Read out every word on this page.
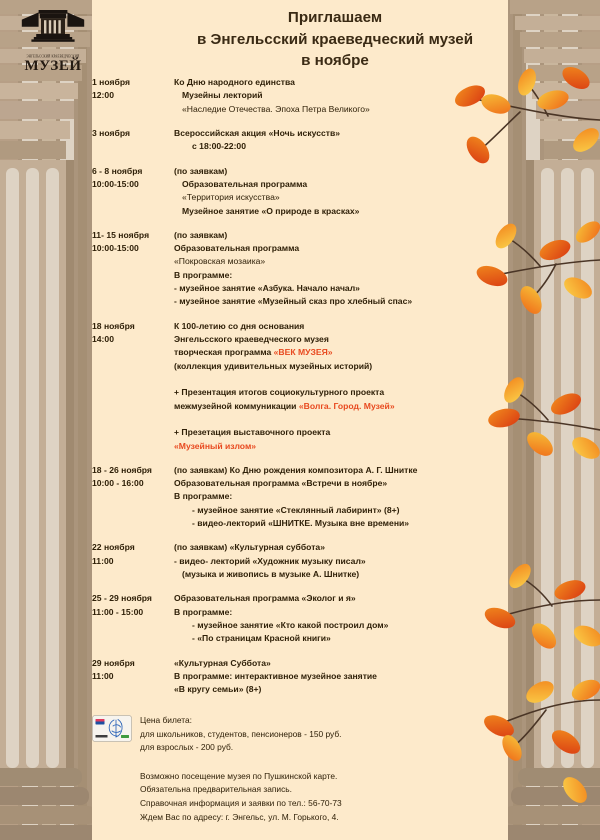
ЭНГЕЛЬССКИЙ КРАЕВЕДЧЕСКИЙ
МУЗЕЙ
Приглашаем
в Энгельсский краеведческий музей
в ноябре
1 ноября
12:00
Ко Дню народного единства
Музейны лекторий
«Наследие Отечества. Эпоха Петра Великого»
3 ноября	Всероссийская акция «Ночь искусств»
с 18:00-22:00
6 - 8 ноября
10:00-15:00
(по заявкам)
Образовательная программа
«Территория искусства»
Музейное занятие «О природе в красках»
11- 15 ноября
10:00-15:00
(по заявкам)
Образовательная программа
«Покровская мозаика»
В программе:
- музейное занятие «Азбука. Начало начал»
- музейное занятие «Музейный сказ про хлебный спас»
18 ноября
14:00
К 100-летию со дня основания
Энгельсского краеведческого музея
творческая программа «ВЕК МУЗЕЯ»
(коллекция удивительных музейных историй)

+ Презентация итогов социокультурного проекта
межмузейной коммуникации «Волга. Город. Музей»

+ Презетация выставочного проекта
«Музейный излом»
18 - 26 ноября
10:00 - 16:00
(по заявкам) Ко Дню рождения композитора А. Г. Шнитке
Образовательная программа «Встречи в ноябре»
В программе:
- музейное занятие «Стеклянный лабиринт» (8+)
- видео-лекторий «ШНИТКЕ. Музыка вне времени»
22 ноября
11:00
(по заявкам) «Культурная суббота»
- видео- лекторий «Художник музыку писал»
(музыка и живопись в музыке А. Шнитке)
25 - 29 ноября
11:00 - 15:00
Образовательная программа «Эколог и я»
В программе:
- музейное занятие «Кто какой построил дом»
- «По страницам Красной книги»
29 ноября
11:00
«Культурная Суббота»
В программе: интерактивное музейное занятие
«В кругу семьи» (8+)
Цена билета:
для школьников, студентов, пенсионеров - 150 руб.
для взрослых - 200 руб.
Возможно посещение музея по Пушкинской карте.
Обязательна предварительная запись.
Справочная информация и заявки по тел.: 56-70-73
Ждем Вас по адресу: г. Энгельс, ул. М. Горького, 4.
